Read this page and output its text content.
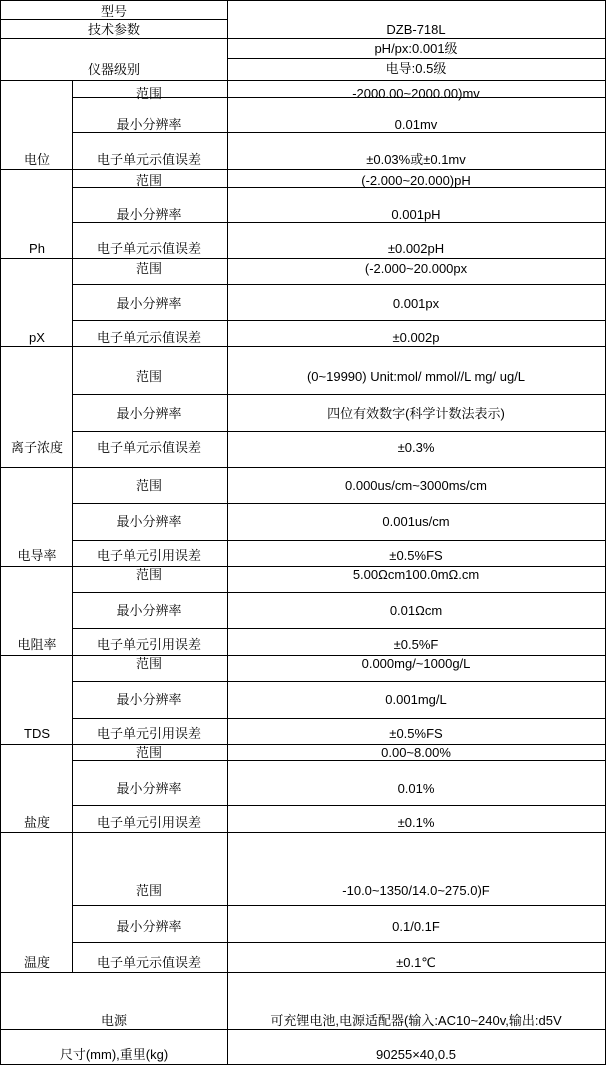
型号
技术参数	DZB-718L
仪器级别
pH/px:0.001级
电导:0.5级
电位
范围	-2000.00~2000.00)mv
最小分辨率	0.01mv
电子单元示值误差	±0.03%或±0.1mv
Ph
范围	(-2.000~20.000)pH
最小分辨率	0.001pH
电子单元示值误差	±0.002pH
pX
范围	(-2.000~20.000px
最小分辨率	0.001px
电子单元示值误差	±0.002p
离子浓度
范围	(0~19990) Unit:mol/ mmol//L mg/ ug/L
最小分辨率	四位有效数字(科学计数法表示)
电子单元示值误差	±0.3%
电导率
范围	0.000us/cm~3000ms/cm
最小分辨率	0.001us/cm
电子单元引用误差	±0.5%FS
电阻率
范围	5.00Ωcm100.0mΩ.cm
最小分辨率	0.01Ωcm
电子单元引用误差	±0.5%F
TDS
范围	0.000mg/~1000g/L
最小分辨率	0.001mg/L
电子单元引用误差	±0.5%FS
盐度
范围	0.00~8.00%
最小分辨率	0.01%
电子单元引用误差	±0.1%
温度
范围	-10.0~1350/14.0~275.0)F
最小分辨率	0.1/0.1F
电子单元示值误差	±0.1℃
电源	可充锂电池,电源适配器(输入:AC10~240v,输出:d5V
尺寸(mm),重里(kg)	90255×40,0.5
